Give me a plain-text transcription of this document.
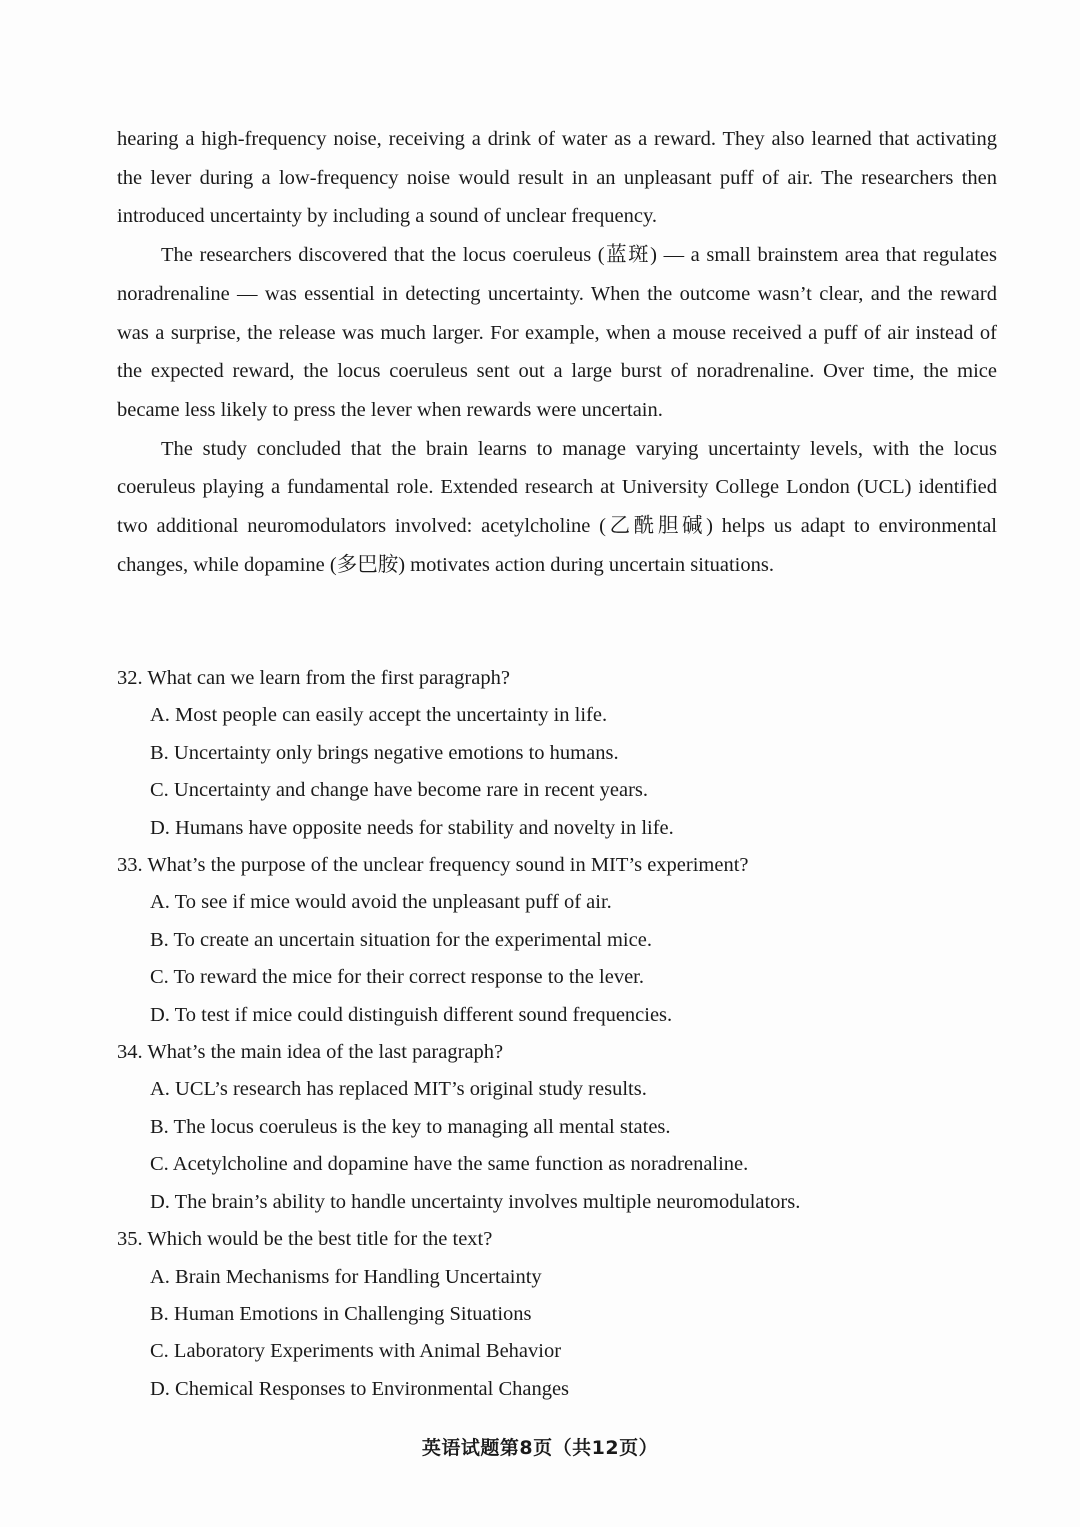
hearing a high-frequency noise, receiving a drink of water as a reward. They also learned that activating the lever during a low-frequency noise would result in an unpleasant puff of air. The researchers then introduced uncertainty by including a sound of unclear frequency.

The researchers discovered that the locus coeruleus (蓝斑) — a small brainstem area that regulates noradrenaline — was essential in detecting uncertainty. When the outcome wasn’t clear, and the reward was a surprise, the release was much larger. For example, when a mouse received a puff of air instead of the expected reward, the locus coeruleus sent out a large burst of noradrenaline. Over time, the mice became less likely to press the lever when rewards were uncertain.

The study concluded that the brain learns to manage varying uncertainty levels, with the locus coeruleus playing a fundamental role. Extended research at University College London (UCL) identified two additional neuromodulators involved: acetylcholine (乙酰胆碱) helps us adapt to environmental changes, while dopamine (多巴胺) motivates action during uncertain situations.

32. What can we learn from the first paragraph?
A. Most people can easily accept the uncertainty in life.
B. Uncertainty only brings negative emotions to humans.
C. Uncertainty and change have become rare in recent years.
D. Humans have opposite needs for stability and novelty in life.
33. What’s the purpose of the unclear frequency sound in MIT’s experiment?
A. To see if mice would avoid the unpleasant puff of air.
B. To create an uncertain situation for the experimental mice.
C. To reward the mice for their correct response to the lever.
D. To test if mice could distinguish different sound frequencies.
34. What’s the main idea of the last paragraph?
A. UCL’s research has replaced MIT’s original study results.
B. The locus coeruleus is the key to managing all mental states.
C. Acetylcholine and dopamine have the same function as noradrenaline.
D. The brain’s ability to handle uncertainty involves multiple neuromodulators.
35. Which would be the best title for the text?
A. Brain Mechanisms for Handling Uncertainty
B. Human Emotions in Challenging Situations
C. Laboratory Experiments with Animal Behavior
D. Chemical Responses to Environmental Changes
英语试题第8页（共12页）
